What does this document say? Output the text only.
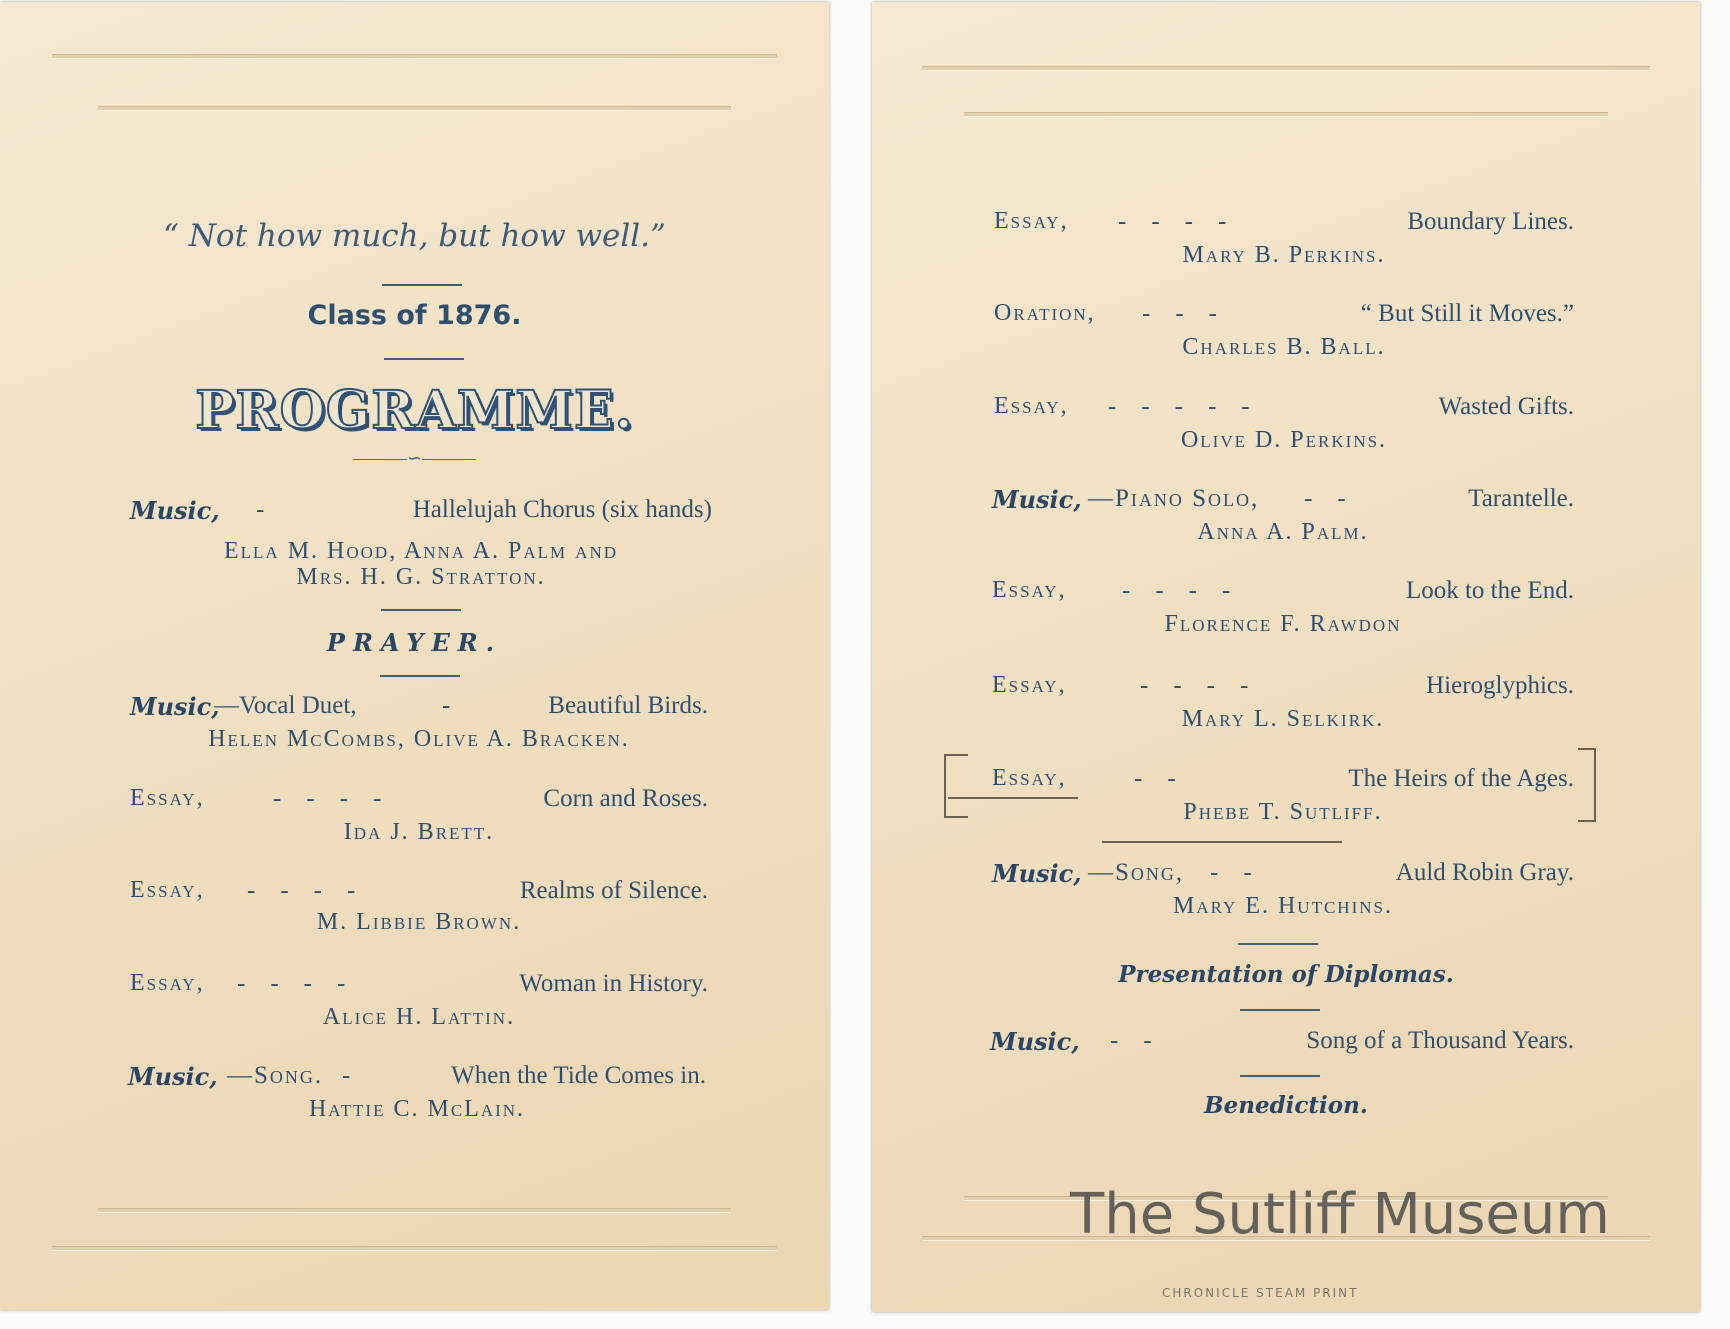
“ Not how much, but how well.”
Class of 1876.
PROGRAMME.
———∽———
Music, -	Hallelujah Chorus (six hands)
Ella M. Hood, Anna A. Palm and
Mrs. H. G. Stratton.
PRAYER.
Music,
—Vocal Duet,	-	Beautiful Birds.
Helen McCombs, Olive A. Bracken.
Essay,	-    -    -    -	Corn and Roses.
Ida J. Brett.
Essay, -    -    -    -	Realms of Silence.
M. Libbie Brown.
Essay, -    -    -    -	Woman in History.
Alice H. Lattin.
Music, —Song. -	When the Tide Comes in.
Hattie C. McLain.
Essay, -    -    -    -	Boundary Lines.
Mary B. Perkins.
Oration, -    -    -	“ But Still it Moves.”
Charles B. Ball.
Essay, -    -    -    -    -	Wasted Gifts.
Olive D. Perkins.
Music, —Piano Solo, -    -	Tarantelle.
Anna A. Palm.
Essay, -    -    -    -	Look to the End.
Florence F. Rawdon
Essay,	-    -    -    -	Hieroglyphics.
Mary L. Selkirk.
Essay,	-    -	The Heirs of the Ages.
Phebe T. Sutliff.
Music, —Song, -    -	Auld Robin Gray.
Mary E. Hutchins.
Presentation of Diplomas.
Music, -    -	Song of a Thousand Years.
Benediction.
The Sutliff Museum
CHRONICLE STEAM PRINT
